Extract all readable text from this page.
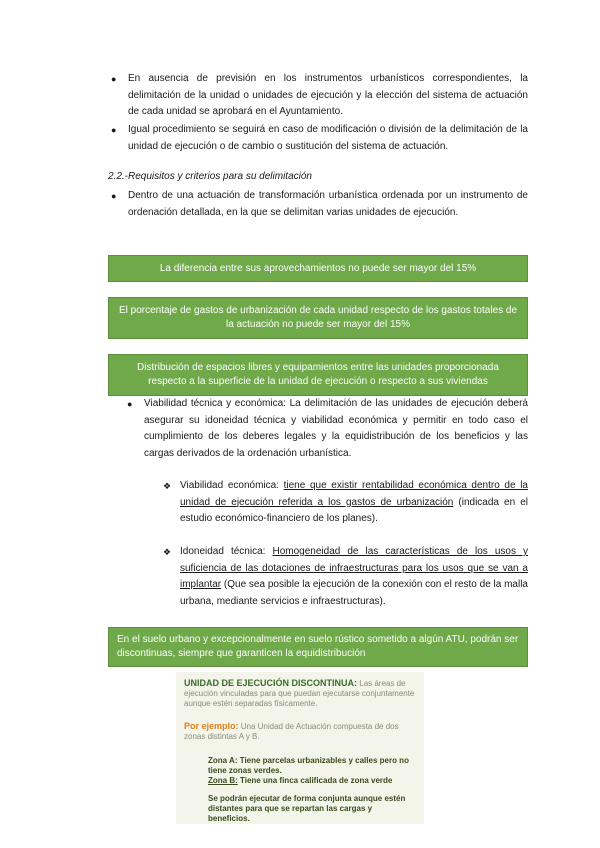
● En ausencia de previsión en los instrumentos urbanísticos correspondientes, la delimitación de la unidad o unidades de ejecución y la elección del sistema de actuación de cada unidad se aprobará en el Ayuntamiento.
● Igual procedimiento se seguirá en caso de modificación o división de la delimitación de la unidad de ejecución o de cambio o sustitución del sistema de actuación.
2.2.-Requisitos y criterios para su delimitación
● Dentro de una actuación de transformación urbanística ordenada por un instrumento de ordenación detallada, en la que se delimitan varias unidades de ejecución.
La diferencia entre sus aprovechamientos no puede ser mayor del 15%
El porcentaje de gastos de urbanización de cada unidad respecto de los gastos totales de la actuación no puede ser mayor del 15%
Distribución de espacios libres y equipamientos entre las unidades proporcionada respecto a la superficie de la unidad de ejecución o respecto a sus viviendas
● Viabilidad técnica y económica: La delimitación de las unidades de ejecución deberá asegurar su idoneidad técnica y viabilidad económica y permitir en todo caso el cumplimiento de los deberes legales y la equidistribución de los beneficios y las cargas derivados de la ordenación urbanística.
❖ Viabilidad económica: tiene que existir rentabilidad económica dentro de la unidad de ejecución referida a los gastos de urbanización (indicada en el estudio económico-financiero de los planes).
❖ Idoneidad técnica: Homogeneidad de las características de los usos y suficiencia de las dotaciones de infraestructuras para los usos que se van a implantar (Que sea posible la ejecución de la conexión con el resto de la malla urbana, mediante servicios e infraestructuras).
En el suelo urbano y excepcionalmente en suelo rústico sometido a algún ATU, podrán ser discontinuas, siempre que garanticen la equidistribución
UNIDAD DE EJECUCIÓN DISCONTINUA: Las áreas de ejecución vinculadas para que puedan ejecutarse conjuntamente aunque estén separadas físicamente.
Por ejemplo: Una Unidad de Actuación compuesta de dos zonas distintas A y B.
Zona A: Tiene parcelas urbanizables y calles pero no tiene zonas verdes.
Zona B: Tiene una finca calificada de zona verde
Se podrán ejecutar de forma conjunta aunque estén distantes para que se repartan las cargas y beneficios.
